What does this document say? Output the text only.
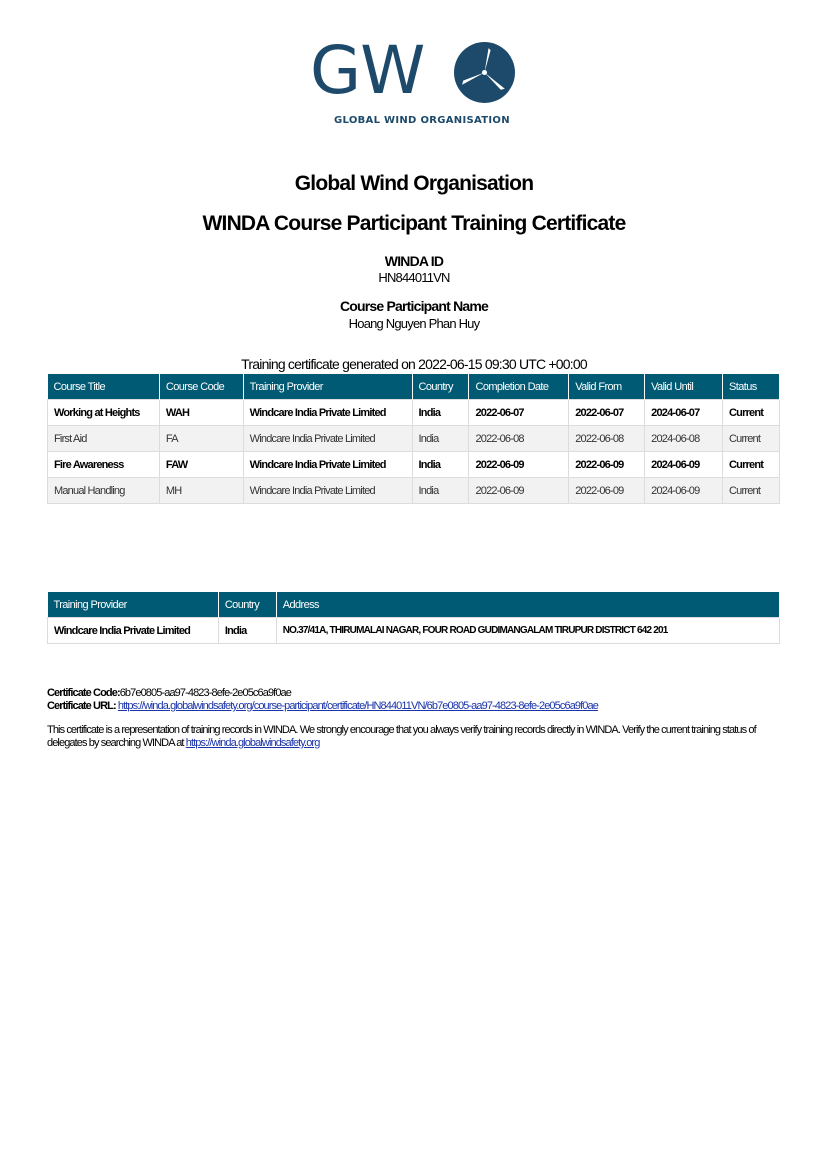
GW
GLOBAL WIND ORGANISATION
Global Wind Organisation
WINDA Course Participant Training Certificate
WINDA ID
HN844011VN
Course Participant Name
Hoang Nguyen Phan Huy
Training certificate generated on 2022-06-15 09:30 UTC +00:00
Course Title	Course Code	Training Provider	Country	Completion Date	Valid From	Valid Until	Status
Working at Heights	WAH	Windcare India Private Limited	India	2022-06-07	2022-06-07	2024-06-07	Current
First Aid	FA	Windcare India Private Limited	India	2022-06-08	2022-06-08	2024-06-08	Current
Fire Awareness	FAW	Windcare India Private Limited	India	2022-06-09	2022-06-09	2024-06-09	Current
Manual Handling	MH	Windcare India Private Limited	India	2022-06-09	2022-06-09	2024-06-09	Current
Training Provider	Country	Address
Windcare India Private Limited	India	NO.37/41A, THIRUMALAI NAGAR, FOUR ROAD GUDIMANGALAM TIRUPUR DISTRICT 642 201
Certificate Code:6b7e0805-aa97-4823-8efe-2e05c6a9f0ae
Certificate URL: https://winda.globalwindsafety.org/course-participant/certificate/HN844011VN/6b7e0805-aa97-4823-8efe-2e05c6a9f0ae
This certificate is a representation of training records in WINDA. We strongly encourage that you always verify training records directly in WINDA. Verify the current training status of delegates by searching WINDA at https://winda.globalwindsafety.org
